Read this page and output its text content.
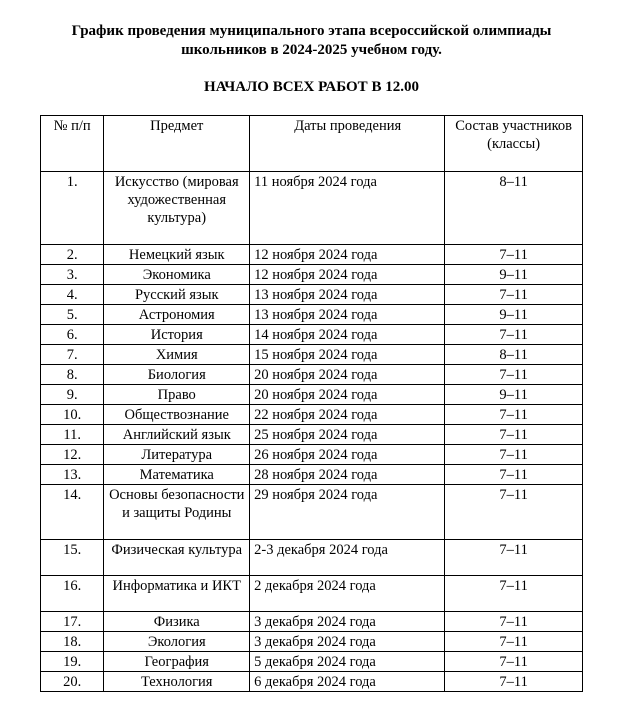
График проведения муниципального этапа всероссийской олимпиады
школьников в 2024-2025 учебном году.
НАЧАЛО ВСЕХ РАБОТ В 12.00
№ п/п	Предмет	Даты проведения	Состав участников (классы)
1.	Искусство (мировая художественная культура)	11 ноября 2024 года	8–11
2.	Немецкий язык	12 ноября 2024 года	7–11
3.	Экономика	12 ноября 2024 года	9–11
4.	Русский язык	13 ноября 2024 года	7–11
5.	Астрономия	13 ноября 2024 года	9–11
6.	История	14 ноября 2024 года	7–11
7.	Химия	15 ноября 2024 года	8–11
8.	Биология	20 ноября 2024 года	7–11
9.	Право	20 ноября 2024 года	9–11
10.	Обществознание	22 ноября 2024 года	7–11
11.	Английский язык	25 ноября 2024 года	7–11
12.	Литература	26 ноября 2024 года	7–11
13.	Математика	28 ноября 2024 года	7–11
14.	Основы безопасности и защиты Родины	29 ноября 2024 года	7–11
15.	Физическая культура	2-3 декабря 2024 года	7–11
16.	Информатика и ИКТ	2 декабря 2024 года	7–11
17.	Физика	3 декабря 2024 года	7–11
18.	Экология	3 декабря 2024 года	7–11
19.	География	5 декабря 2024 года	7–11
20.	Технология	6 декабря 2024 года	7–11
